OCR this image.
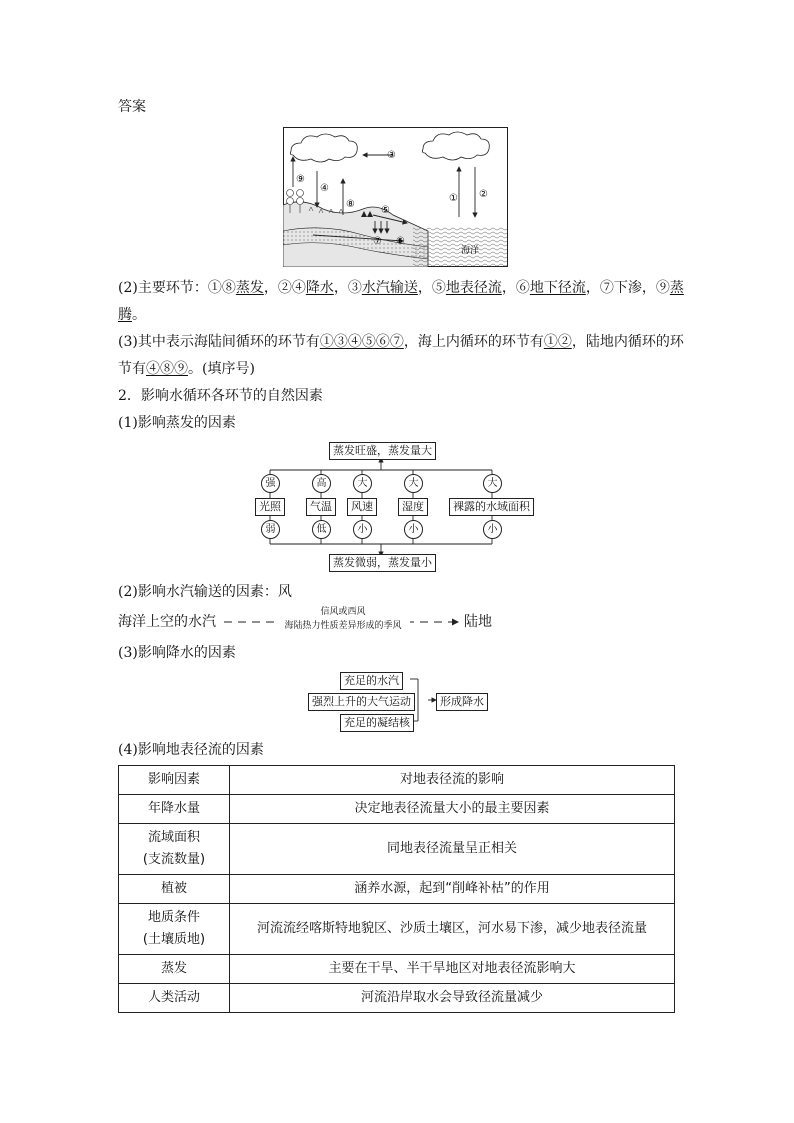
答案
海洋
③
① ②
④
⑧
⑨
⑤
⑦ ⑥
(2)主要环节：①⑧蒸发，②④降水，③水汽输送，⑤地表径流，⑥地下径流，⑦下渗，⑨蒸
腾。
(3)其中表示海陆间循环的环节有①③④⑤⑥⑦，海上内循环的环节有①②，陆地内循环的环
节有④⑧⑨。(填序号)
2．影响水循环各环节的自然因素
(1)影响蒸发的因素
蒸发旺盛，蒸发量大
强	高	大	大	大
光照	气温	风速	湿度	裸露的水域面积
弱	低	小	小	小
蒸发微弱，蒸发量小
(2)影响水汽输送的因素：风
海洋上空的水汽
信风或西风
海陆热力性质差异形成的季风	陆地
(3)影响降水的因素
充足的水汽
强烈上升的大气运动
充足的凝结核
形成降水
(4)影响地表径流的因素
影响因素	对地表径流的影响
年降水量	决定地表径流量大小的最主要因素
流域面积
(支流数量)	同地表径流量呈正相关
植被	涵养水源，起到“削峰补枯”的作用
地质条件
(土壤质地)	河流流经喀斯特地貌区、沙质土壤区，河水易下渗，减少地表径流量
蒸发	主要在干旱、半干旱地区对地表径流影响大
人类活动	河流沿岸取水会导致径流量减少
